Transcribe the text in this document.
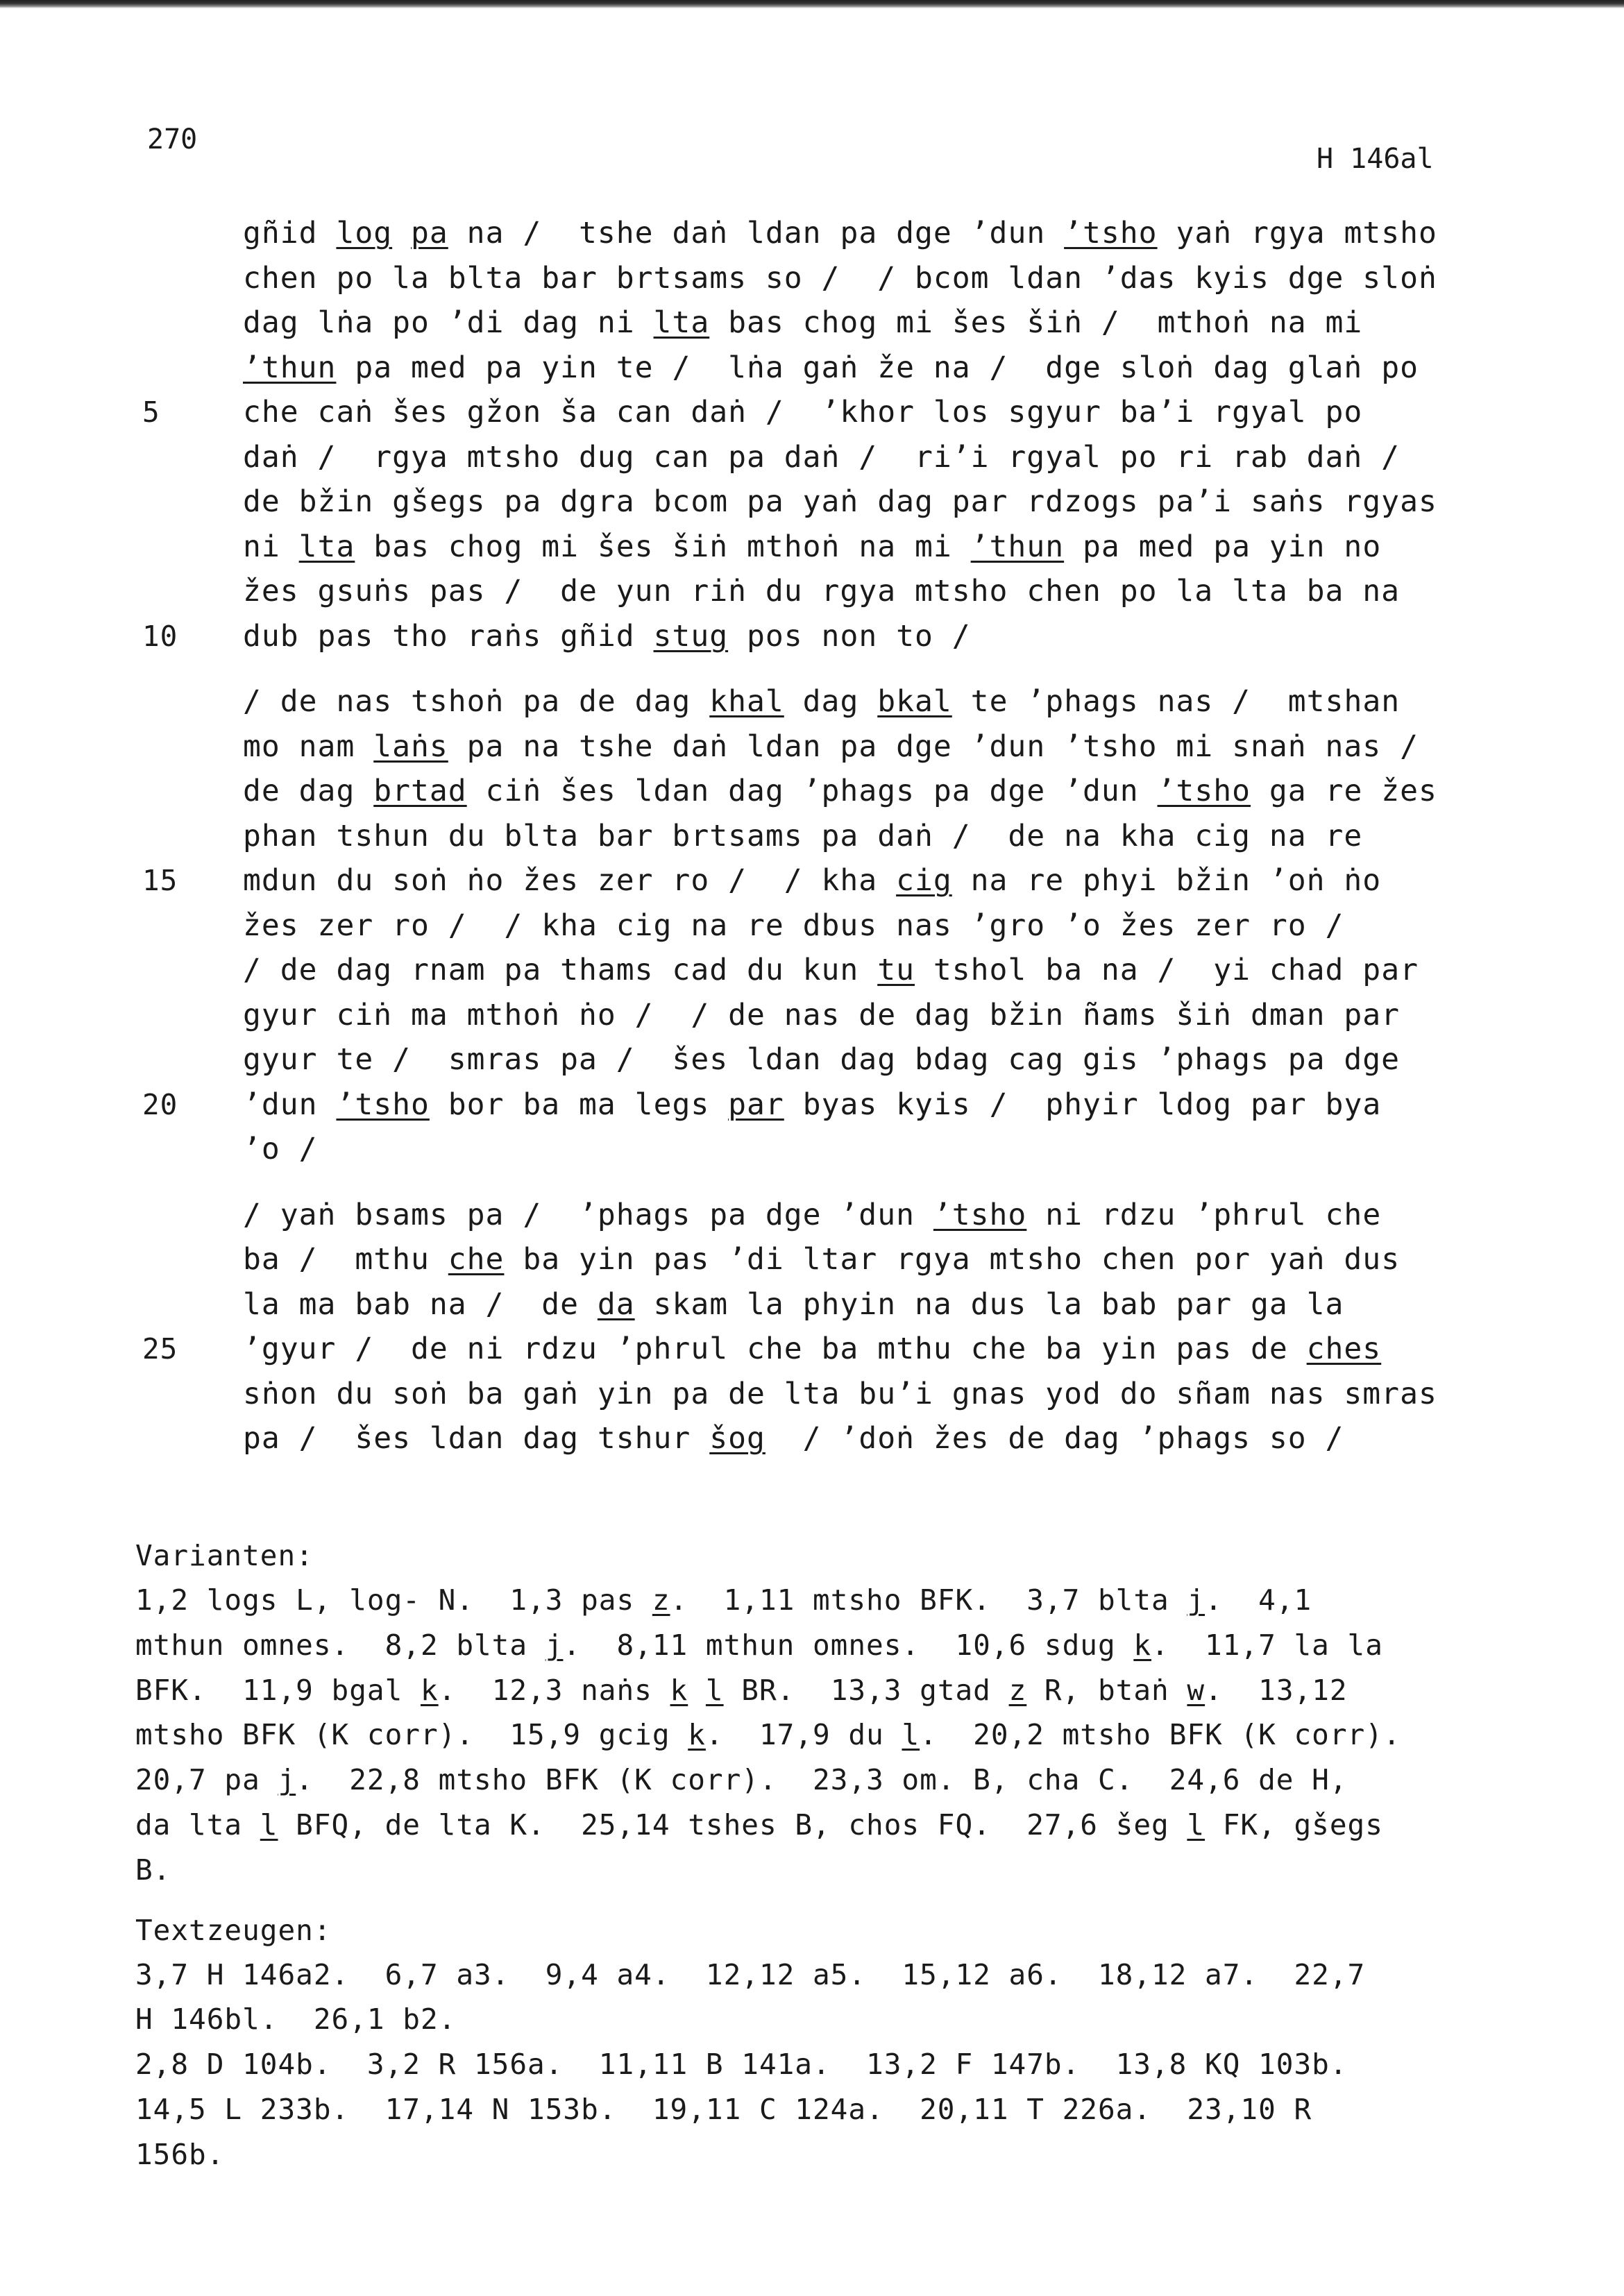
270
H 146al
gñid log pa na /  tshe daṅ ldan pa dge ’dun ’tsho yaṅ rgya mtsho
chen po la blta bar brtsams so /  / bcom ldan ’das kyis dge sloṅ
dag lṅa po ’di dag ni lta bas chog mi šes šiṅ /  mthoṅ na mi
’thun pa med pa yin te /  lṅa gaṅ že na /  dge sloṅ dag glaṅ po
5	che caṅ šes gžon ša can daṅ /  ’khor los sgyur ba’i rgyal po
daṅ /  rgya mtsho dug can pa daṅ /  ri’i rgyal po ri rab daṅ /
de bžin gšegs pa dgra bcom pa yaṅ dag par rdzogs pa’i saṅs rgyas
ni lta bas chog mi šes šiṅ mthoṅ na mi ’thun pa med pa yin no
žes gsuṅs pas /  de yun riṅ du rgya mtsho chen po la lta ba na
10	dub pas tho raṅs gñid stug pos non to /
/ de nas tshoṅ pa de dag khal dag bkal te ’phags nas /  mtshan
mo nam laṅs pa na tshe daṅ ldan pa dge ’dun ’tsho mi snaṅ nas /
de dag brtad ciṅ šes ldan dag ’phags pa dge ’dun ’tsho ga re žes
phan tshun du blta bar brtsams pa daṅ /  de na kha cig na re
15	mdun du soṅ ṅo žes zer ro /  / kha cig na re phyi bžin ’oṅ ṅo
žes zer ro /  / kha cig na re dbus nas ’gro ’o žes zer ro /
/ de dag rnam pa thams cad du kun tu tshol ba na /  yi chad par
gyur ciṅ ma mthoṅ ṅo /  / de nas de dag bžin ñams šiṅ dman par
gyur te /  smras pa /  šes ldan dag bdag cag gis ’phags pa dge
20	’dun ’tsho bor ba ma legs par byas kyis /  phyir ldog par bya
’o /
/ yaṅ bsams pa /  ’phags pa dge ’dun ’tsho ni rdzu ’phrul che
ba /  mthu che ba yin pas ’di ltar rgya mtsho chen por yaṅ dus
la ma bab na /  de da skam la phyin na dus la bab par ga la
25	’gyur /  de ni rdzu ’phrul che ba mthu che ba yin pas de ches
sṅon du soṅ ba gaṅ yin pa de lta bu’i gnas yod do sñam nas smras
pa /  šes ldan dag tshur šog  / ’doṅ žes de dag ’phags so /
Varianten:
1,2 logs L, log- N.  1,3 pas z.  1,11 mtsho BFK.  3,7 blta j.  4,1
mthun omnes.  8,2 blta j.  8,11 mthun omnes.  10,6 sdug k.  11,7 la la
BFK.  11,9 bgal k.  12,3 naṅs k l BR.  13,3 gtad z R, btaṅ w.  13,12
mtsho BFK (K corr).  15,9 gcig k.  17,9 du l.  20,2 mtsho BFK (K corr).
20,7 pa j.  22,8 mtsho BFK (K corr).  23,3 om. B, cha C.  24,6 de H,
da lta l BFQ, de lta K.  25,14 tshes B, chos FQ.  27,6 šeg l FK, gšegs
B.
Textzeugen:
3,7 H 146a2.  6,7 a3.  9,4 a4.  12,12 a5.  15,12 a6.  18,12 a7.  22,7
H 146bl.  26,1 b2.
2,8 D 104b.  3,2 R 156a.  11,11 B 141a.  13,2 F 147b.  13,8 KQ 103b.
14,5 L 233b.  17,14 N 153b.  19,11 C 124a.  20,11 T 226a.  23,10 R
156b.
